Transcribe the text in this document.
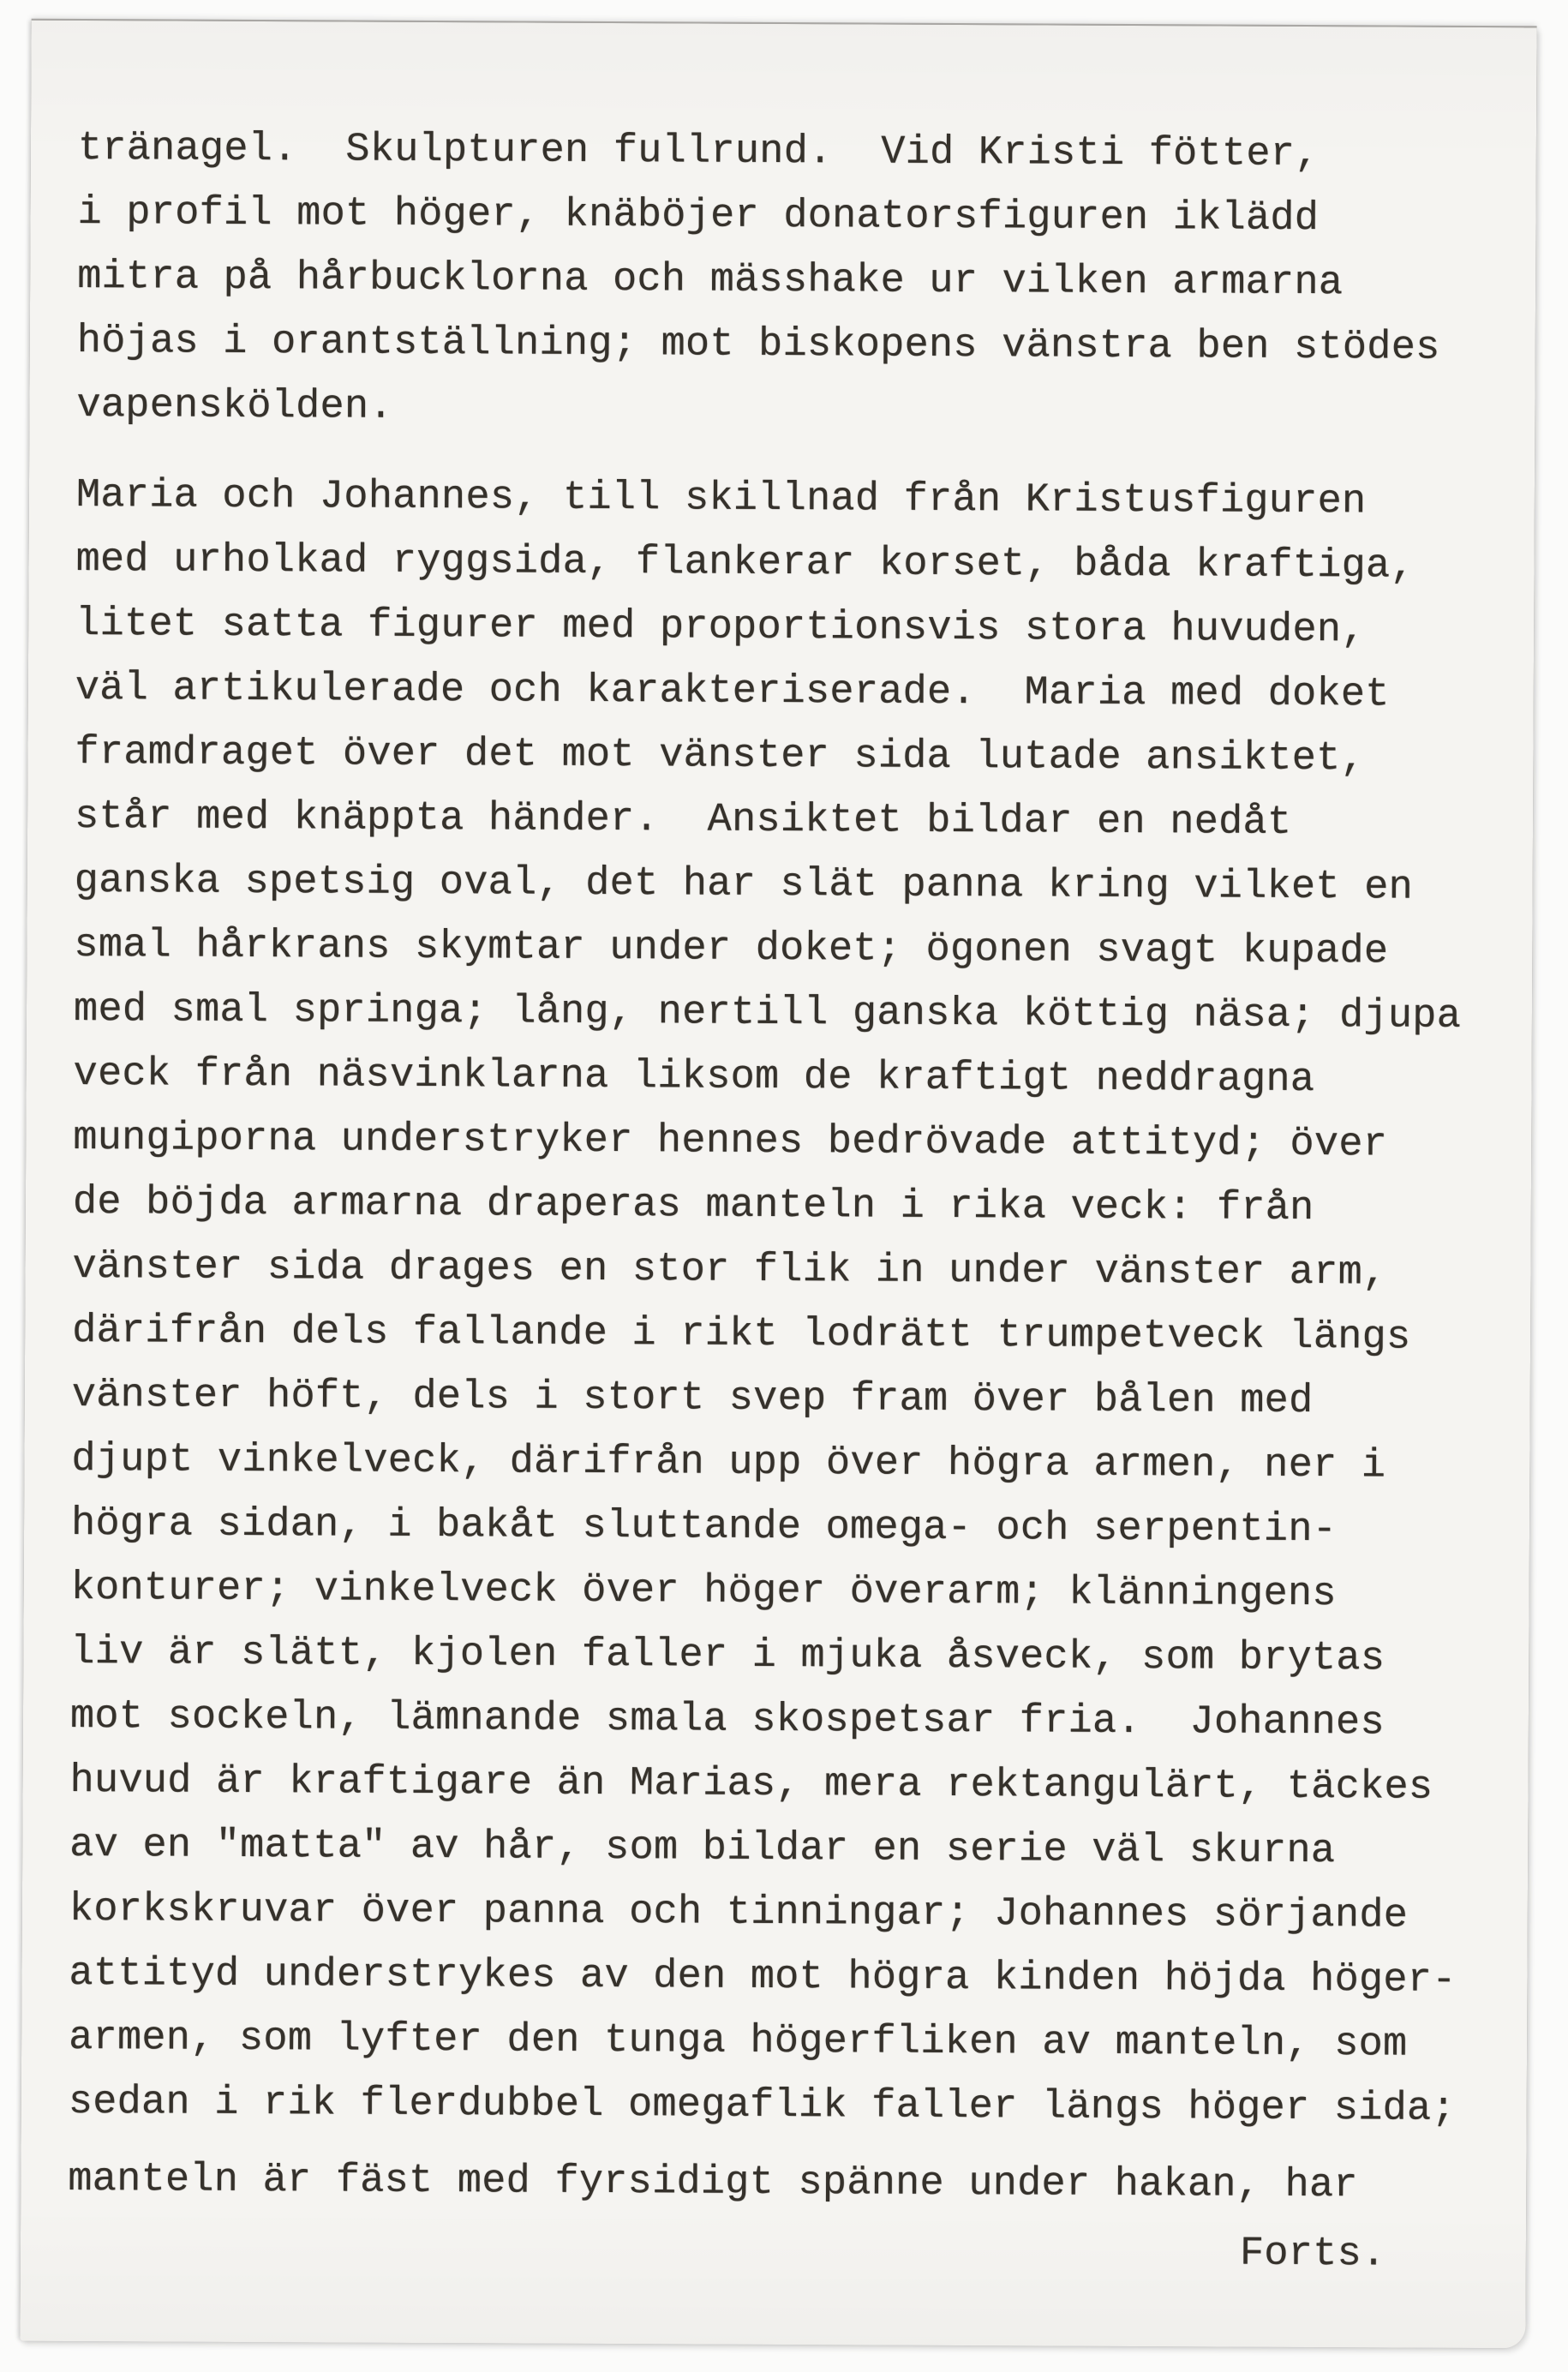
tränagel.  Skulpturen fullrund.  Vid Kristi fötter,
i profil mot höger, knäböjer donatorsfiguren iklädd
mitra på hårbucklorna och mässhake ur vilken armarna
höjas i orantställning; mot biskopens vänstra ben stödes
vapenskölden.
Maria och Johannes, till skillnad från Kristusfiguren
med urholkad ryggsida, flankerar korset, båda kraftiga,
litet satta figurer med proportionsvis stora huvuden,
väl artikulerade och karakteriserade.  Maria med doket
framdraget över det mot vänster sida lutade ansiktet,
står med knäppta händer.  Ansiktet bildar en nedåt
ganska spetsig oval, det har slät panna kring vilket en
smal hårkrans skymtar under doket; ögonen svagt kupade
med smal springa; lång, nertill ganska köttig näsa; djupa
veck från näsvinklarna liksom de kraftigt neddragna
mungiporna understryker hennes bedrövade attityd; över
de böjda armarna draperas manteln i rika veck: från
vänster sida drages en stor flik in under vänster arm,
därifrån dels fallande i rikt lodrätt trumpetveck längs
vänster höft, dels i stort svep fram över bålen med
djupt vinkelveck, därifrån upp över högra armen, ner i
högra sidan, i bakåt sluttande omega- och serpentin-
konturer; vinkelveck över höger överarm; klänningens
liv är slätt, kjolen faller i mjuka åsveck, som brytas
mot sockeln, lämnande smala skospetsar fria.  Johannes
huvud är kraftigare än Marias, mera rektangulärt, täckes
av en "matta" av hår, som bildar en serie väl skurna
korkskruvar över panna och tinningar; Johannes sörjande
attityd understrykes av den mot högra kinden höjda höger-
armen, som lyfter den tunga högerfliken av manteln, som
sedan i rik flerdubbel omegaflik faller längs höger sida;
manteln är fäst med fyrsidigt spänne under hakan, har
Forts.
